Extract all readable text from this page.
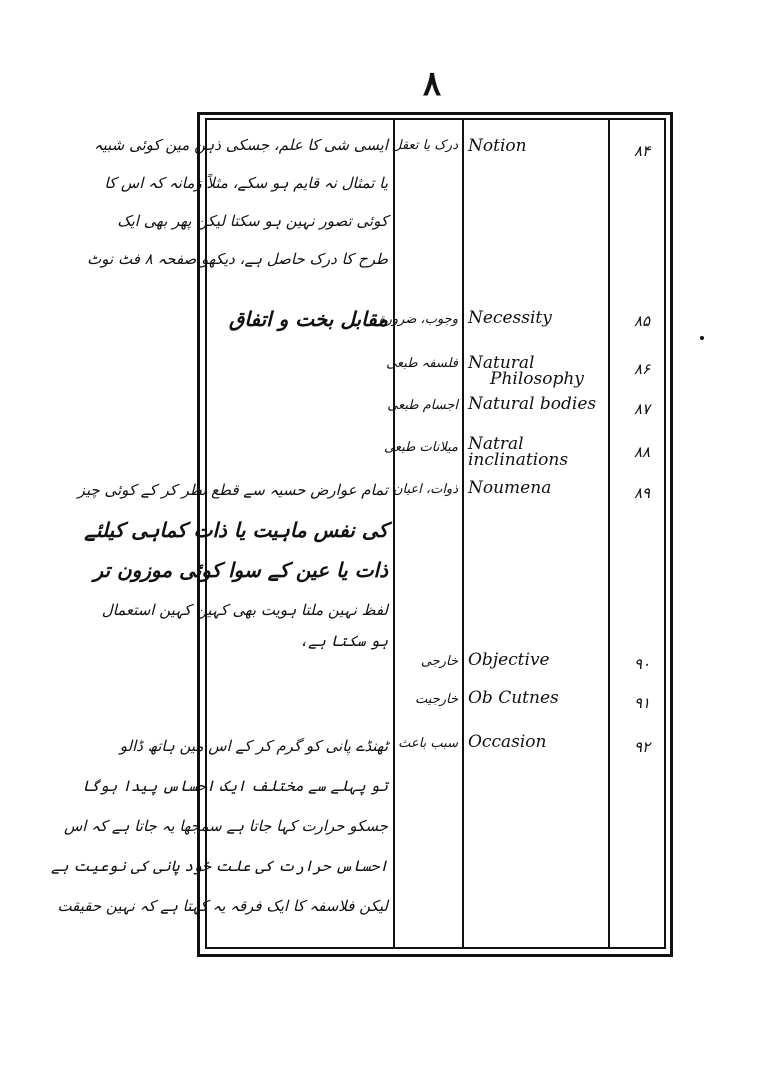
۸
۸۴
Notion
درک یا تعقل
ایسی شی کا علم، جسکی ذہن مین کوئی شبیہ
یا تمثال نہ قایم ہو سکے، مثلاً زمانہ کہ اس کا
کوئی تصور نہین ہو سکتا لیکن پھر بھی ایک
طرح کا درک حاصل ہے، دیکھو صفحہ ۸ فٹ نوٹ
۸۵
Necessity
وجوب، ضرورة
مقابل بخت و اتفاق
۸۶
Natural
Philosophy
فلسفہ طبعی
۸۷
Natural bodies
اجسام طبعی
۸۸
Natral
inclinations
میلانات طبعی
۸۹
Noumena
ذوات، اعیان
تمام عوارض حسیہ سے قطع نظر کر کے کوئی چیز
کی نفس ماہیت یا ذات کماہی کیلئے
ذات یا عین کے سوا کوئی موزون تر
لفظ نہین ملتا ہویت بھی کہین کہین استعمال
ہو سکتا ہے،
۹۰
Objective
خارجی
۹۱
Ob Cutnes
خارجیت
۹۲
Occasion
سبب باعث
ٹھنڈے پانی کو گرم کر کے اس مین ہاتھ ڈالو
تو پہلے سے مختلف ایک احساس پیدا ہوگا
جسکو حرارت کہا جاتا ہے سمجھا یہ جاتا ہے کہ اس
احساس حرارت کی علت خود پانی کی نوعیت ہے
لیکن فلاسفہ کا ایک فرقہ یہ کہتا ہے کہ نہین حقیقت
